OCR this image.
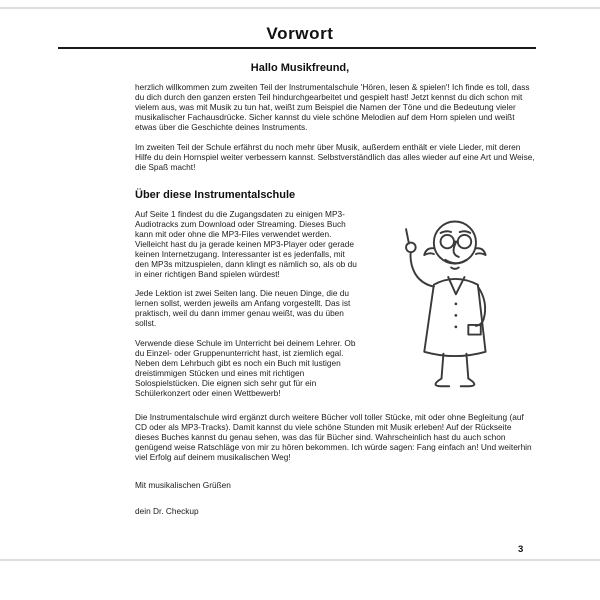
Vorwort
Hallo Musikfreund,

herzlich willkommen zum zweiten Teil der Instrumentalschule 'Hören, lesen & spielen'! Ich finde es toll, dass du dich durch den ganzen ersten Teil hindurchgearbeitet und gespielt hast! Jetzt kennst du dich schon mit vielem aus, was mit Musik zu tun hat, weißt zum Beispiel die Namen der Töne und die Bedeutung vieler musikalischer Fachausdrücke. Sicher kannst du viele schöne Melodien auf dem Horn spielen und weißt etwas über die Geschichte deines Instruments.

Im zweiten Teil der Schule erfährst du noch mehr über Musik, außerdem enthält er viele Lieder, mit deren Hilfe du dein Hornspiel weiter verbessern kannst. Selbstverständlich das alles wieder auf eine Art und Weise, die Spaß macht!

Über diese Instrumentalschule

Auf Seite 1 findest du die Zugangsdaten zu einigen MP3-Audiotracks zum Download oder Streaming. Dieses Buch kann mit oder ohne die MP3-Files verwendet werden. Vielleicht hast du ja gerade keinen MP3-Player oder gerade keinen Internetzugang. Interessanter ist es jedenfalls, mit den MP3s mitzuspielen, dann klingt es nämlich so, als ob du in einer richtigen Band spielen würdest!

Jede Lektion ist zwei Seiten lang. Die neuen Dinge, die du lernen sollst, werden jeweils am Anfang vorgestellt. Das ist praktisch, weil du dann immer genau weißt, was du üben sollst.

Verwende diese Schule im Unterricht bei deinem Lehrer. Ob du Einzel- oder Gruppenunterricht hast, ist ziemlich egal. Neben dem Lehrbuch gibt es noch ein Buch mit lustigen dreistimmigen Stücken und eines mit richtigen Solospielstücken. Die eignen sich sehr gut für ein Schülerkonzert oder einen Wettbewerb!

Die Instrumentalschule wird ergänzt durch weitere Bücher voll toller Stücke, mit oder ohne Begleitung (auf CD oder als MP3-Tracks). Damit kannst du viele schöne Stunden mit Musik erleben! Auf der Rückseite dieses Buches kannst du genau sehen, was das für Bücher sind. Wahrscheinlich hast du auch schon genügend weise Ratschläge von mir zu hören bekommen. Ich würde sagen: Fang einfach an! Und weiterhin viel Erfolg auf deinem musikalischen Weg!

Mit musikalischen Grüßen

dein Dr. Checkup

3
